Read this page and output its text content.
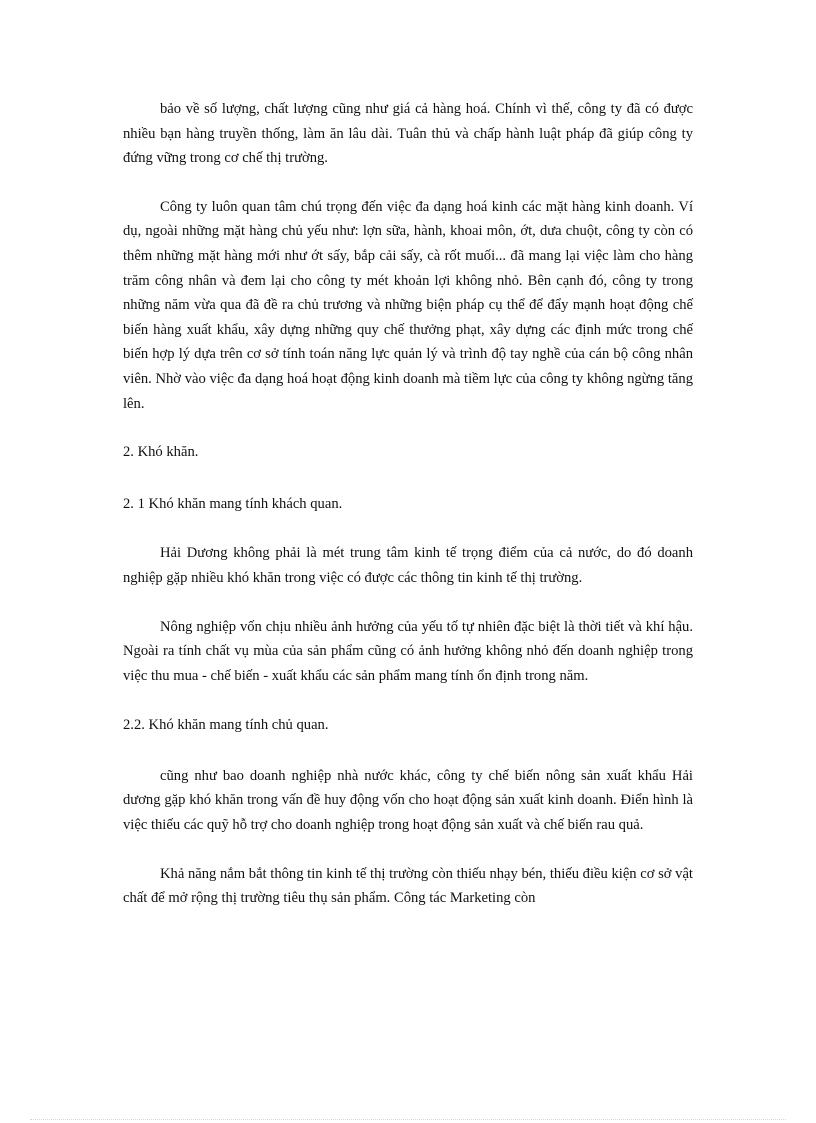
bảo về số lượng, chất lượng cũng như giá cả hàng hoá. Chính vì thế, công ty đã có được nhiều bạn hàng truyền thống, làm ăn lâu dài. Tuân thủ và chấp hành luật pháp đã giúp công ty đứng vững trong cơ chế thị trường.

Công ty luôn quan tâm chú trọng đến việc đa dạng hoá kinh các mặt hàng kinh doanh. Ví dụ, ngoài những mặt hàng chủ yếu như: lợn sữa, hành, khoai môn, ớt, dưa chuột, công ty còn có thêm những mặt hàng mới như ớt sấy, bắp cải sấy, cà rốt muối... đã mang lại việc làm cho hàng trăm công nhân và đem lại cho công ty mét khoản lợi không nhỏ. Bên cạnh đó, công ty trong những năm vừa qua đã đề ra chủ trương và những biện pháp cụ thể để đẩy mạnh hoạt động chế biến hàng xuất khẩu, xây dựng những quy chế thưởng phạt, xây dựng các định mức trong chế biến hợp lý dựa trên cơ sở tính toán năng lực quản lý và trình độ tay nghề của cán bộ công nhân viên. Nhờ vào việc đa dạng hoá hoạt động kinh doanh mà tiềm lực của công ty không ngừng tăng lên.

2. Khó khăn.

2. 1 Khó khăn mang tính khách quan.

Hải Dương không phải là mét trung tâm kinh tế trọng điểm của cả nước, do đó doanh nghiệp gặp nhiều khó khăn trong việc có được các thông tin kinh tế thị trường.

Nông nghiệp vốn chịu nhiều ảnh hưởng của yếu tố tự nhiên đặc biệt là thời tiết và khí hậu. Ngoài ra tính chất vụ mùa của sản phẩm cũng có ảnh hưởng không nhỏ đến doanh nghiệp trong việc thu mua - chế biến - xuất khẩu các sản phẩm mang tính ổn định trong năm.

2.2. Khó khăn mang tính chủ quan.

cũng như bao doanh nghiệp nhà nước khác, công ty chế biến nông sản xuất khẩu Hải dương gặp khó khăn trong vấn đề huy động vốn cho hoạt động sản xuất kinh doanh. Điển hình là việc thiếu các quỹ hỗ trợ cho doanh nghiệp trong hoạt động sản xuất và chế biến rau quả.

Khả năng nắm bắt thông tin kinh tế thị trường còn thiếu nhạy bén, thiếu điều kiện cơ sở vật chất để mở rộng thị trường tiêu thụ sản phẩm. Công tác Marketing còn
